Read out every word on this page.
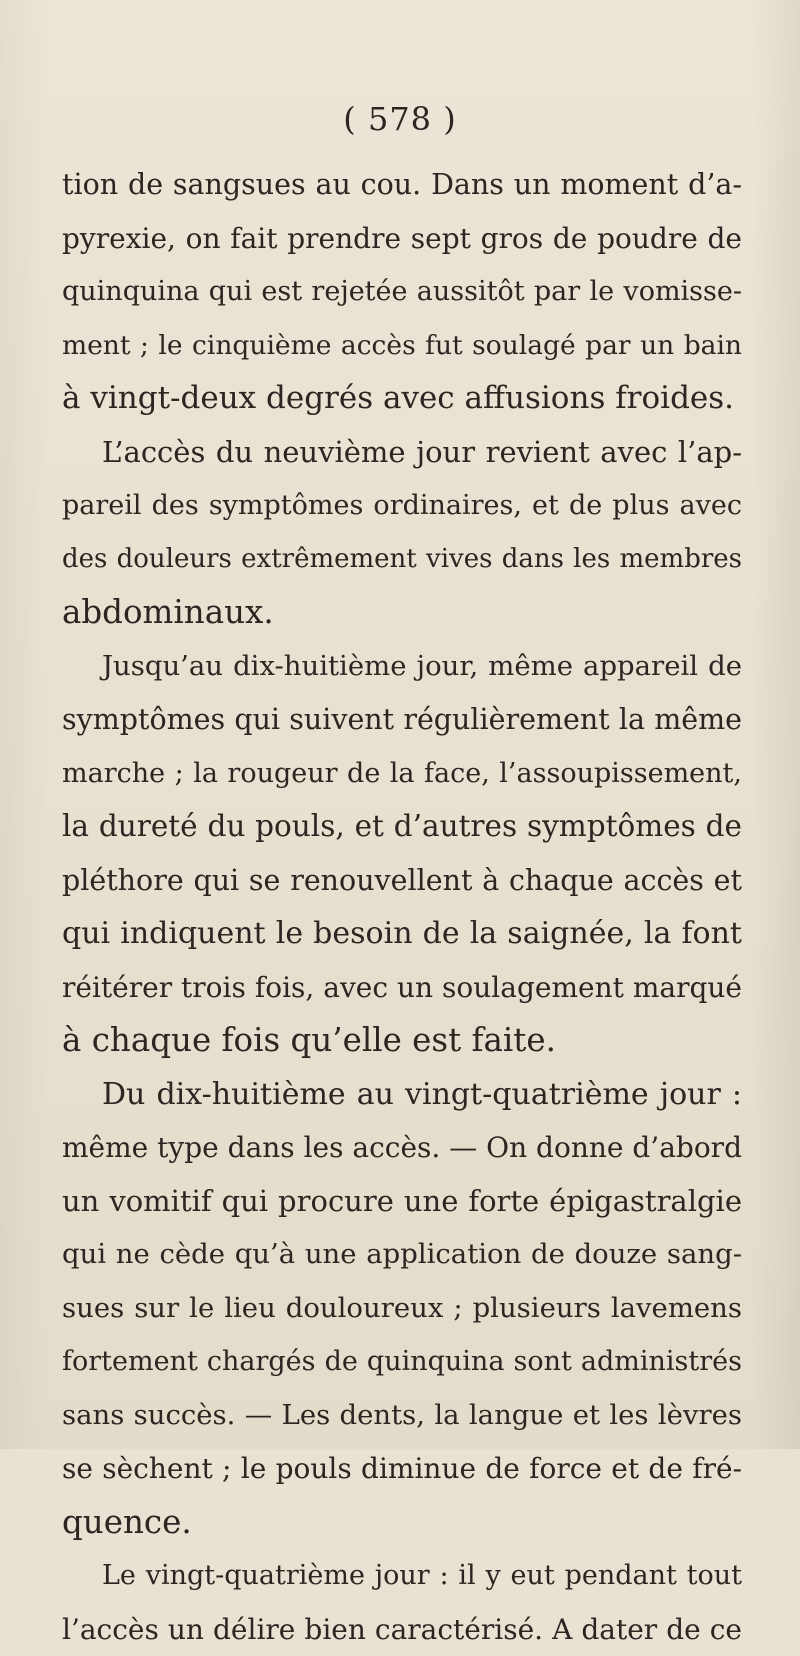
( 578 )
tion de sangsues au cou. Dans un moment d’a-
pyrexie, on fait prendre sept gros de poudre de
quinquina qui est rejetée aussitôt par le vomisse-
ment ; le cinquième accès fut soulagé par un bain
à vingt-deux degrés avec affusions froides.
L’accès du neuvième jour revient avec l’ap-
pareil des symptômes ordinaires, et de plus avec
des douleurs extrêmement vives dans les membres
abdominaux.
Jusqu’au dix-huitième jour, même appareil de
symptômes qui suivent régulièrement la même
marche ; la rougeur de la face, l’assoupissement,
la dureté du pouls, et d’autres symptômes de
pléthore qui se renouvellent à chaque accès et
qui indiquent le besoin de la saignée, la font
réitérer trois fois, avec un soulagement marqué
à chaque fois qu’elle est faite.
Du dix-huitième au vingt-quatrième jour :
même type dans les accès. — On donne d’abord
un vomitif qui procure une forte épigastralgie
qui ne cède qu’à une application de douze sang-
sues sur le lieu douloureux ; plusieurs lavemens
fortement chargés de quinquina sont administrés
sans succès. — Les dents, la langue et les lèvres
se sèchent ; le pouls diminue de force et de fré-
quence.
Le vingt-quatrième jour : il y eut pendant tout
l’accès un délire bien caractérisé. A dater de ce
